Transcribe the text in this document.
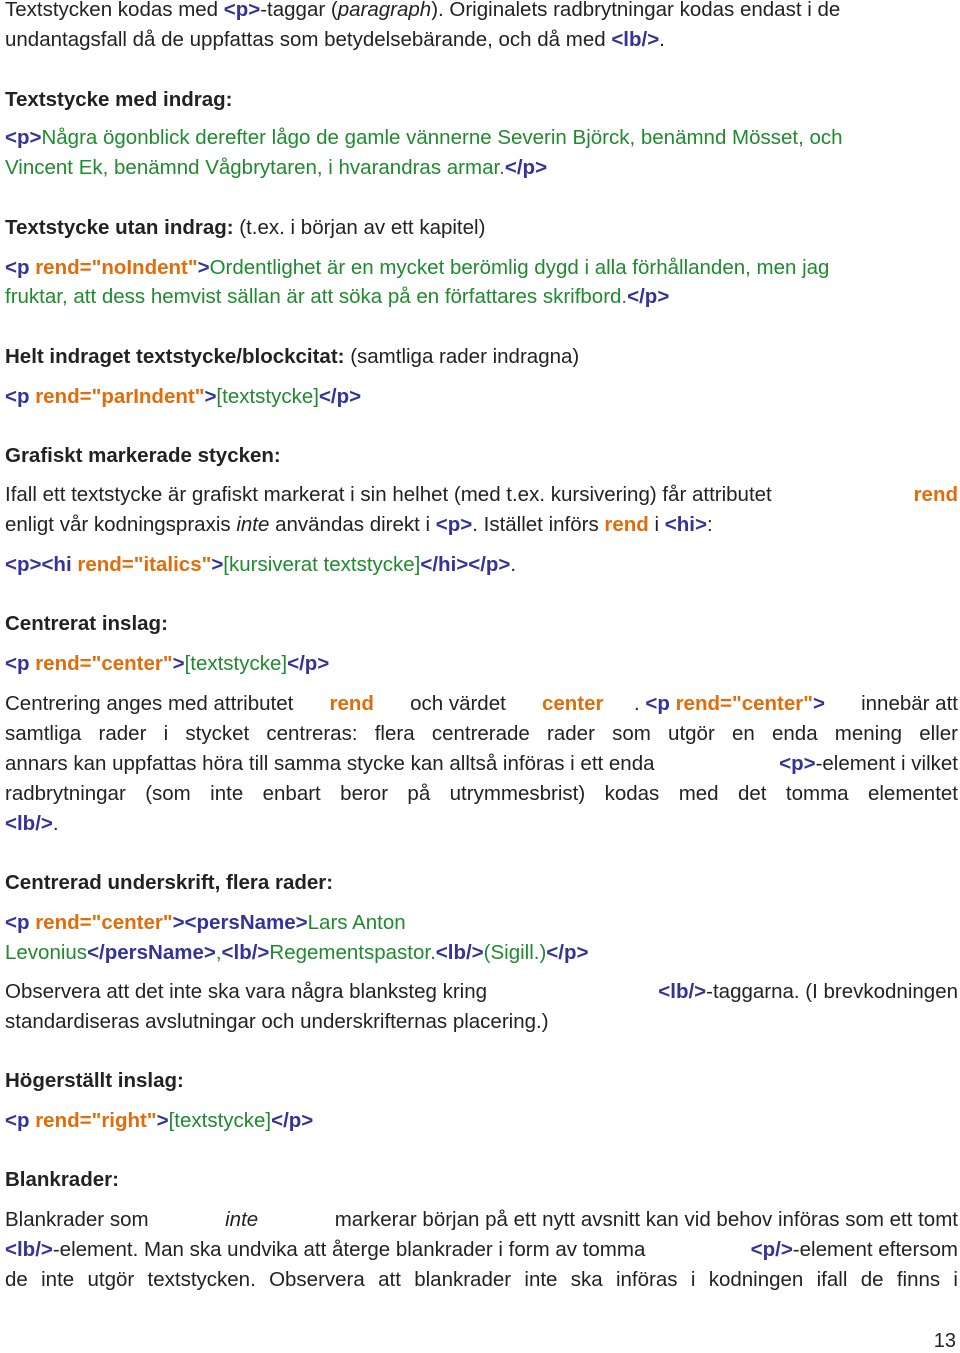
Textstycken kodas med <p>-taggar (paragraph). Originalets radbrytningar kodas endast i de
undantagsfall då de uppfattas som betydelsebärande, och då med <lb/>.
Textstycke med indrag:
<p>Några ögonblick derefter lågo de gamle vännerne Severin Björck, benämnd Mösset, och
Vincent Ek, benämnd Vågbrytaren, i hvarandras armar.</p>
Textstycke utan indrag: (t.ex. i början av ett kapitel)
<p rend="noIndent">Ordentlighet är en mycket berömlig dygd i alla förhållanden, men jag
fruktar, att dess hemvist sällan är att söka på en författares skrifbord.</p>
Helt indraget textstycke/blockcitat: (samtliga rader indragna)
<p rend="parIndent">[textstycke]</p>
Grafiskt markerade stycken:
Ifall ett textstycke är grafiskt markerat i sin helhet (med t.ex. kursivering) får attributet	rend
enligt vår kodningspraxis inte användas direkt i <p>. Istället införs rend i <hi>:
<p><hi rend="italics">[kursiverat textstycke]</hi></p>.
Centrerat inslag:
<p rend="center">[textstycke]</p>
Centrering anges med attributet rend och värdet center . <p rend="center"> innebär att
samtliga rader i stycket centreras: flera centrerade rader som utgör en enda mening eller
annars kan uppfattas höra till samma stycke kan alltså införas i ett enda	<p>-element i vilket
radbrytningar (som inte enbart beror på utrymmesbrist) kodas med det tomma elementet
<lb/>.
Centrerad underskrift, flera rader:
<p rend="center"><persName>Lars Anton
Levonius</persName>,<lb/>Regementspastor.<lb/>(Sigill.)</p>
Observera att det inte ska vara några blanksteg kring	<lb/>-taggarna. (I brevkodningen
standardiseras avslutningar och underskrifternas placering.)
Högerställt inslag:
<p rend="right">[textstycke]</p>
Blankrader:
Blankrader som	inte	markerar början på ett nytt avsnitt kan vid behov införas som ett tomt
<lb/>-element. Man ska undvika att återge blankrader i form av tomma	<p/>-element eftersom
de inte utgör textstycken. Observera att blankrader inte ska införas i kodningen ifall de finns i
13
